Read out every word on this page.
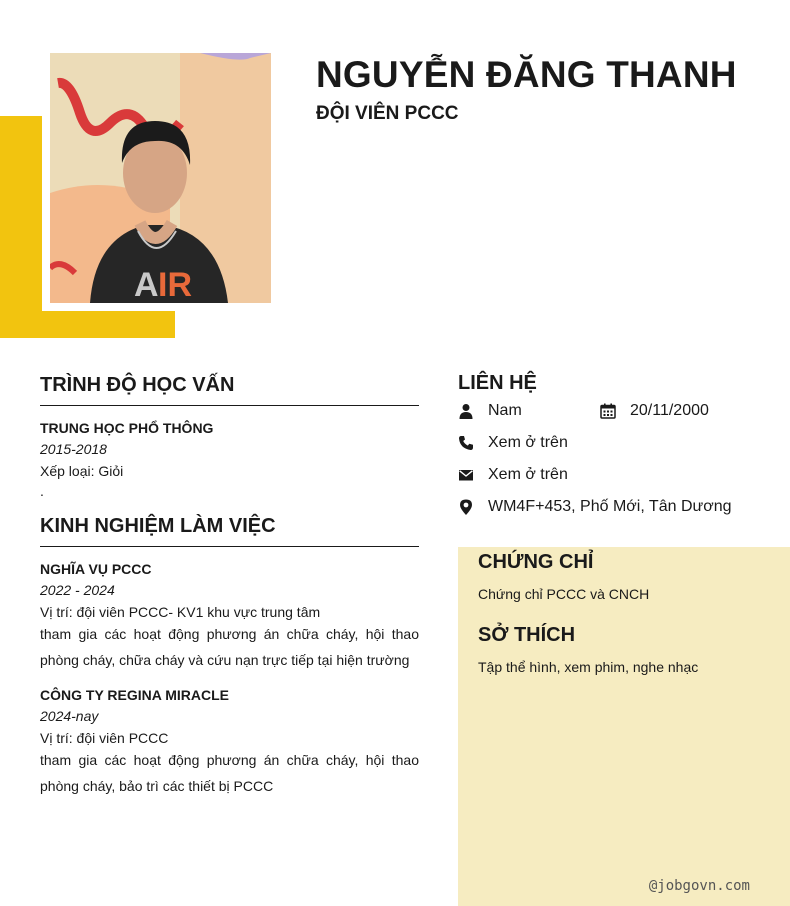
A IR
NGUYỄN ĐĂNG THANH
ĐỘI VIÊN PCCC
TRÌNH ĐỘ HỌC VẤN
TRUNG HỌC PHỔ THÔNG
2015-2018
Xếp loại: Giỏi
.
KINH NGHIỆM LÀM VIỆC
NGHĨA VỤ PCCC
2022 - 2024
Vị trí: đội viên PCCC- KV1 khu vực trung tâm
tham gia các hoạt động phương án chữa cháy, hội thao phòng cháy, chữa cháy và cứu nạn trực tiếp tại hiện trường
CÔNG TY REGINA MIRACLE
2024-nay
Vị trí: đội viên PCCC
tham gia các hoạt động phương án chữa cháy, hội thao phòng cháy, bảo trì các thiết bị PCCC
LIÊN HỆ
Nam	20/11/2000
Xem ở trên
Xem ở trên
WM4F+453, Phố Mới, Tân Dương
CHỨNG CHỈ
Chứng chỉ PCCC và CNCH
SỞ THÍCH
Tập thể hình, xem phim, nghe nhạc
@jobgovn.com
